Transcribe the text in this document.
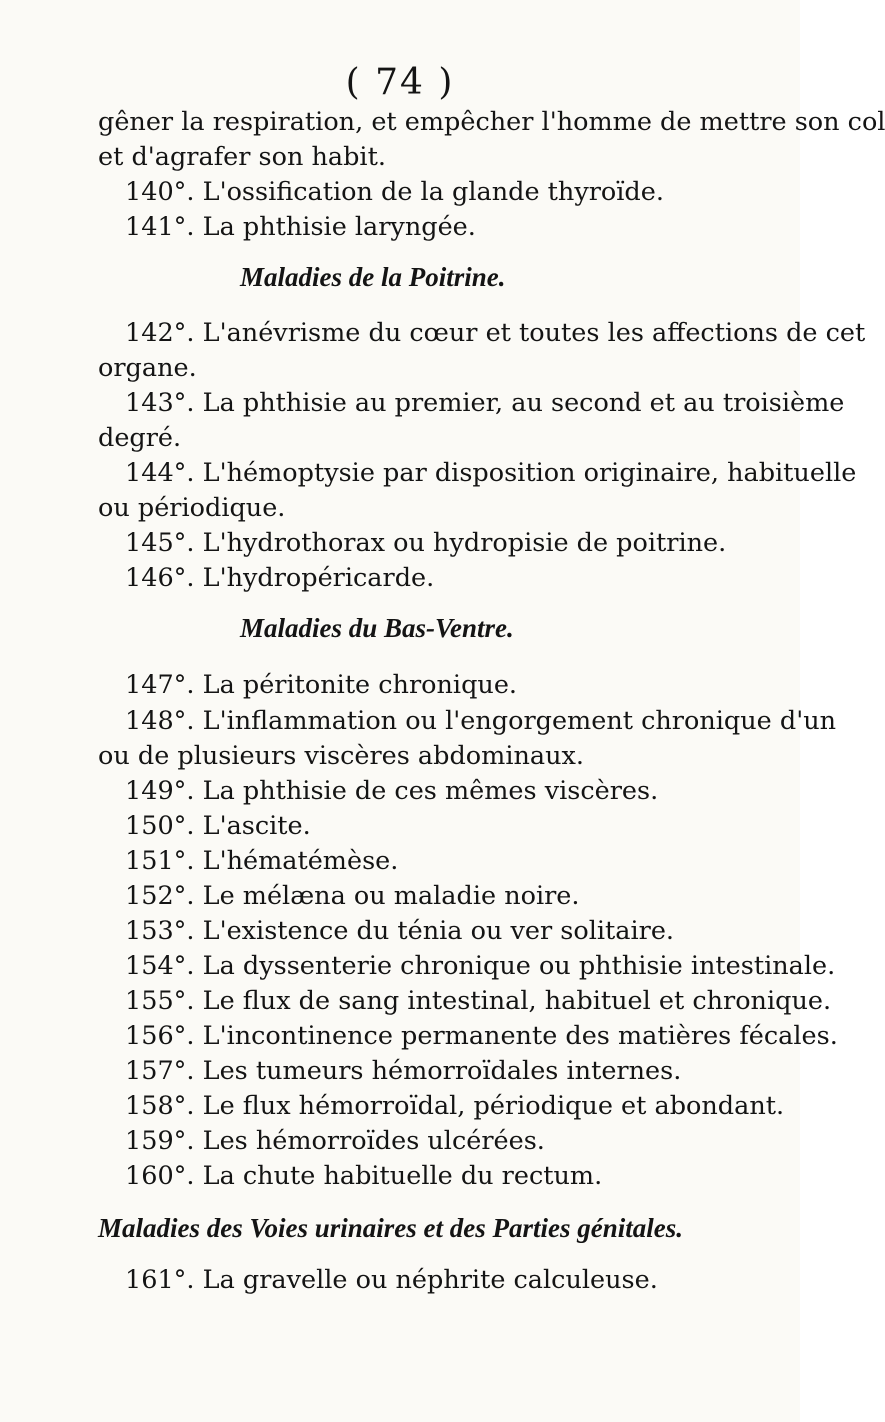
( 74 )
gêner la respiration, et empêcher l'homme de mettre son col
et d'agrafer son habit.
140°. L'ossification de la glande thyroïde.
141°. La phthisie laryngée.
Maladies de la Poitrine.
142°. L'anévrisme du cœur et toutes les affections de cet
organe.
143°. La phthisie au premier, au second et au troisième
degré.
144°. L'hémoptysie par disposition originaire, habituelle
ou périodique.
145°. L'hydrothorax ou hydropisie de poitrine.
146°. L'hydropéricarde.
Maladies du Bas-Ventre.
147°. La péritonite chronique.
148°. L'inflammation ou l'engorgement chronique d'un
ou de plusieurs viscères abdominaux.
149°. La phthisie de ces mêmes viscères.
150°. L'ascite.
151°. L'hématémèse.
152°. Le mélæna ou maladie noire.
153°. L'existence du ténia ou ver solitaire.
154°. La dyssenterie chronique ou phthisie intestinale.
155°. Le flux de sang intestinal, habituel et chronique.
156°. L'incontinence permanente des matières fécales.
157°. Les tumeurs hémorroïdales internes.
158°. Le flux hémorroïdal, périodique et abondant.
159°. Les hémorroïdes ulcérées.
160°. La chute habituelle du rectum.
Maladies des Voies urinaires et des Parties génitales.
161°. La gravelle ou néphrite calculeuse.
